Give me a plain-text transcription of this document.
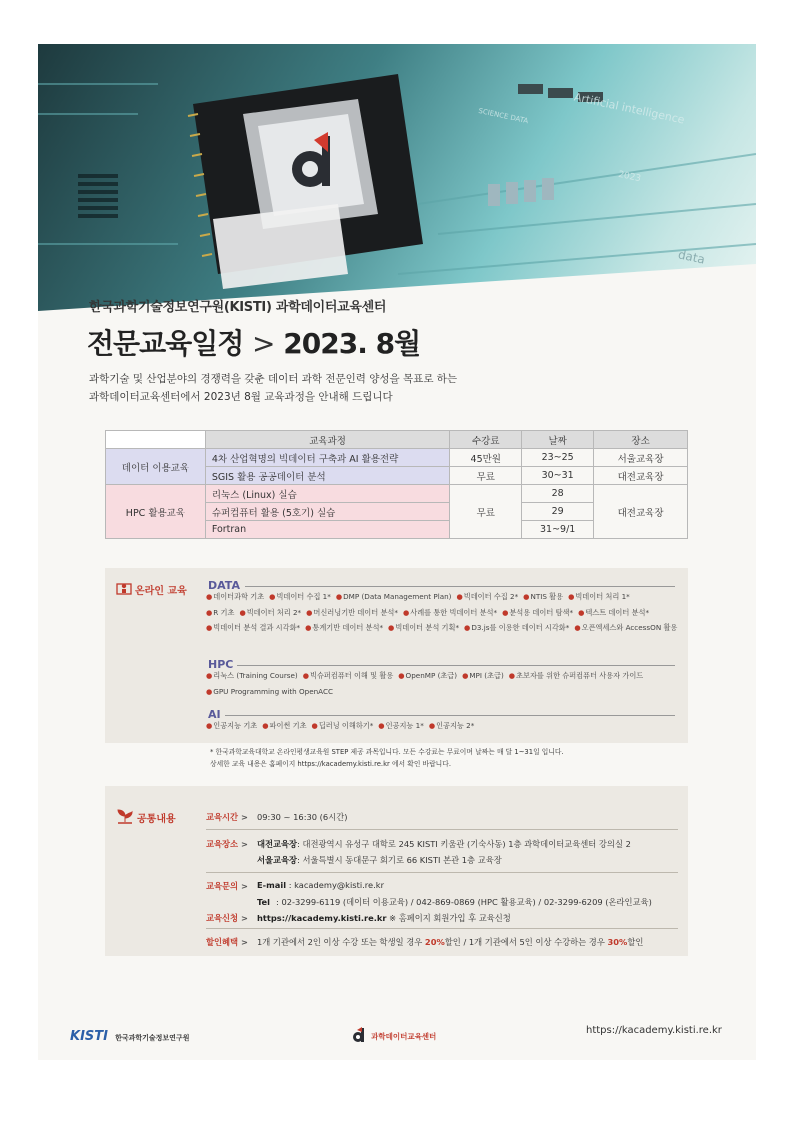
Artificial intelligence
SCIENCE DATA
2023
data
한국과학기술정보연구원(KISTI) 과학데이터교육센터
전문교육일정 > 2023. 8월
과학기술 및 산업분야의 경쟁력을 갖춘 데이터 과학 전문인력 양성을 목표로 하는
과학데이터교육센터에서 2023년 8월 교육과정을 안내해 드립니다
	교육과정	수강료	날짜	장소
데이터 이용교육	4차 산업혁명의 빅데이터 구축과 AI 활용전략	45만원	23~25	서울교육장
	SGIS 활용 공공데이터 분석	무료	30~31	대전교육장
HPC 활용교육	리눅스 (Linux) 실습	무료	28	대전교육장
	슈퍼컴퓨터 활용 (5호기) 실습		29	
	Fortran		31~9/1	
온라인 교육 DATA
●데이터과학 기초 ●빅데이터 수집 1* ●DMP (Data Management Plan) ●빅데이터 수집 2* ●NTIS 활용 ●빅데이터 처리 1*
●R 기초 ●빅데이터 처리 2* ●머신러닝기반 데이터 분석* ●사례를 통한 빅데이터 분석* ●분석용 데이터 탐색* ●텍스트 데이터 분석*
●빅데이터 분석 결과 시각화* ●통계기반 데이터 분석* ●빅데이터 분석 기획* ●D3.js를 이용한 데이터 시각화* ●오픈엑세스와 AccessON 활용
HPC
●리눅스 (Training Course) ●빅슈퍼컴퓨터 이해 및 활용 ●OpenMP (초급) ●MPI (초급) ●초보자를 위한 슈퍼컴퓨터 사용자 가이드
●GPU Programming with OpenACC
AI
●인공지능 기초 ●파이썬 기초 ●딥러닝 이해하기* ●인공지능 1* ●인공지능 2*
* 한국과학교육대학교 온라인평생교육원 STEP 제공 과목입니다. 모든 수강료는 무료이며 날짜는 매 달 1~31일 입니다.
상세한 교육 내용은 홈페이지 https://kacademy.kisti.re.kr 에서 확인 바랍니다.
공통내용	교육시간 > 09:30 ~ 16:30 (6시간)
교육장소 > 대전교육장: 대전광역시 유성구 대학로 245 KISTI 키움관 (기숙사동) 1층 과학데이터교육센터 강의실 2
서울교육장: 서울특별시 동대문구 회기로 66 KISTI 본관 1층 교육장
교육문의 > E-mail : kacademy@kisti.re.kr
Tel : 02-3299-6119 (데이터 이용교육) / 042-869-0869 (HPC 활용교육) / 02-3299-6209 (온라인교육)
교육신청 > https://kacademy.kisti.re.kr ※ 홈페이지 회원가입 후 교육신청
할인혜택 > 1개 기관에서 2인 이상 수강 또는 학생일 경우 20%할인 / 1개 기관에서 5인 이상 수강하는 경우 30%할인
KISTI 한국과학기술정보연구원	과학데이터교육센터
https://kacademy.kisti.re.kr
